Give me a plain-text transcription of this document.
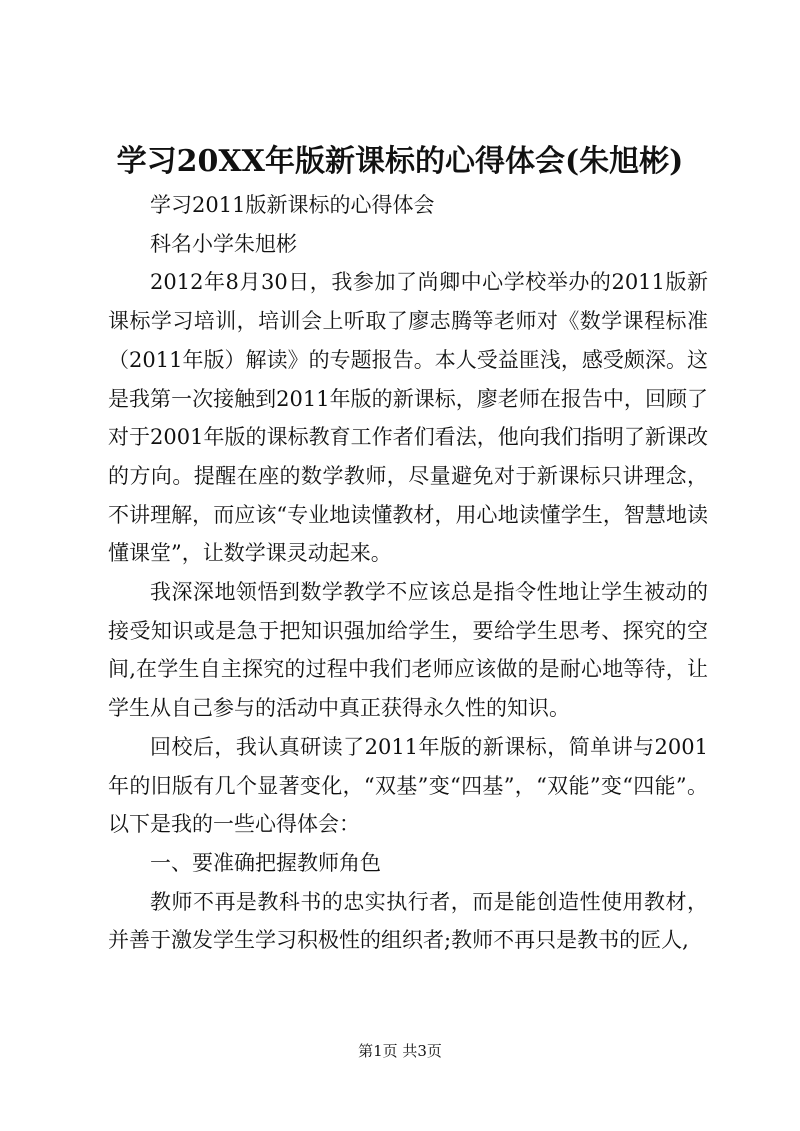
学习20XX年版新课标的心得体会(朱旭彬)

学习2011版新课标的心得体会

科名小学朱旭彬

2012年8月30日，我参加了尚卿中心学校举办的2011版新课标学习培训，培训会上听取了廖志腾等老师对《数学课程标准（2011年版）解读》的专题报告。本人受益匪浅，感受颇深。这是我第一次接触到2011年版的新课标，廖老师在报告中，回顾了对于2001年版的课标教育工作者们看法，他向我们指明了新课改的方向。提醒在座的数学教师，尽量避免对于新课标只讲理念，不讲理解，而应该“专业地读懂教材，用心地读懂学生，智慧地读懂课堂”，让数学课灵动起来。

我深深地领悟到数学教学不应该总是指令性地让学生被动的接受知识或是急于把知识强加给学生，要给学生思考、探究的空间,在学生自主探究的过程中我们老师应该做的是耐心地等待，让学生从自己参与的活动中真正获得永久性的知识。

回校后，我认真研读了2011年版的新课标，简单讲与2001年的旧版有几个显著变化，“双基”变“四基”，“双能”变“四能”。以下是我的一些心得体会：

一、要准确把握教师角色

教师不再是教科书的忠实执行者，而是能创造性使用教材，并善于激发学生学习积极性的组织者;教师不再只是教书的匠人,

第1页 共3页
